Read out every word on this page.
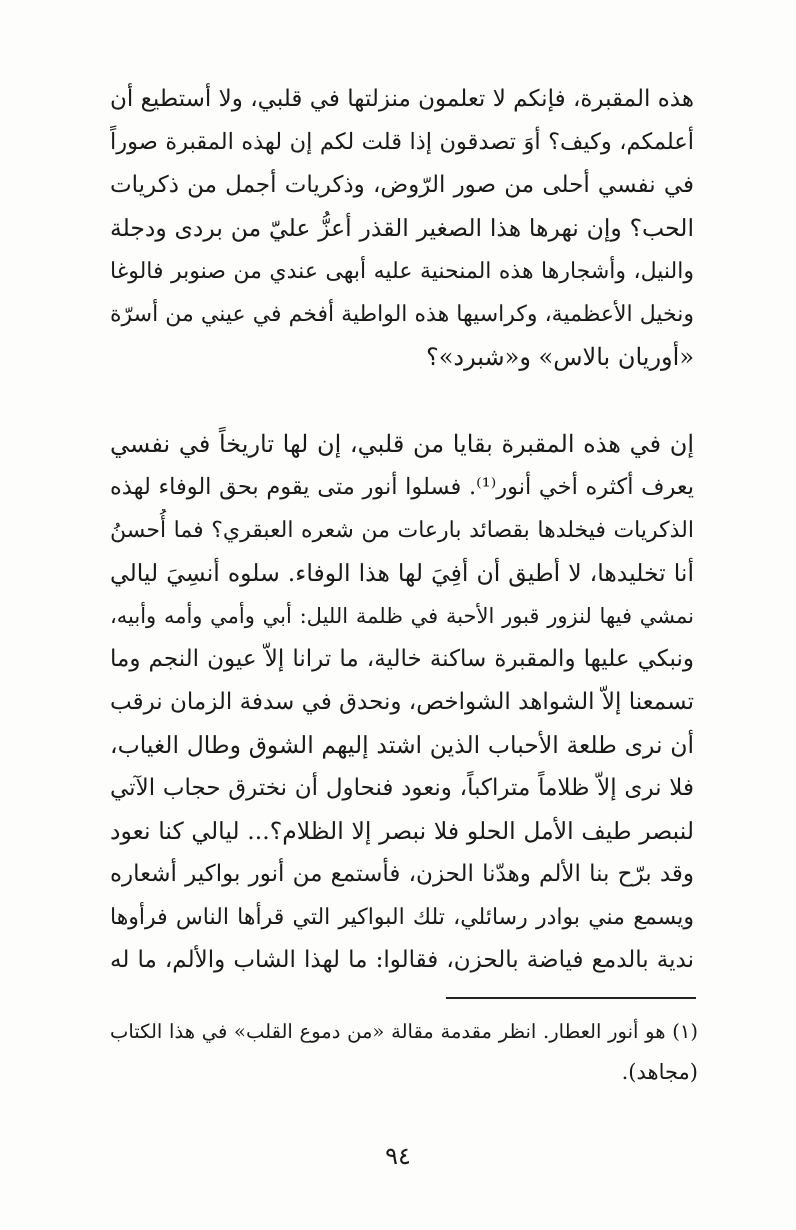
هذه المقبرة، فإنكم لا تعلمون منزلتها في قلبي، ولا أستطيع أن
أعلمكم، وكيف؟ أوَ تصدقون إذا قلت لكم إن لهذه المقبرة صوراً
في نفسي أحلى من صور الرّوض، وذكريات أجمل من ذكريات
الحب؟ وإن نهرها هذا الصغير القذر أعزُّ عليّ من بردى ودجلة
والنيل، وأشجارها هذه المنحنية عليه أبهى عندي من صنوبر فالوغا
ونخيل الأعظمية، وكراسيها هذه الواطية أفخم في عيني من أسرّة
«أوريان بالاس» و«شبرد»؟
إن في هذه المقبرة بقايا من قلبي، إن لها تاريخاً في نفسي
يعرف أكثره أخي أنور⁽¹⁾. فسلوا أنور متى يقوم بحق الوفاء لهذه
الذكريات فيخلدها بقصائد بارعات من شعره العبقري؟ فما أُحسنُ
أنا تخليدها، لا أطيق أن أفِيَ لها هذا الوفاء. سلوه أنسِيَ ليالي
نمشي فيها لنزور قبور الأحبة في ظلمة الليل: أبي وأمي وأمه وأبيه،
ونبكي عليها والمقبرة ساكنة خالية، ما ترانا إلاّ عيون النجم وما
تسمعنا إلاّ الشواهد الشواخص، ونحدق في سدفة الزمان نرقب
أن نرى طلعة الأحباب الذين اشتد إليهم الشوق وطال الغياب،
فلا نرى إلاّ ظلاماً متراكباً، ونعود فنحاول أن نخترق حجاب الآتي
لنبصر طيف الأمل الحلو فلا نبصر إلا الظلام؟... ليالي كنا نعود
وقد برّح بنا الألم وهدّنا الحزن، فأستمع من أنور بواكير أشعاره
ويسمع مني بوادر رسائلي، تلك البواكير التي قرأها الناس فرأوها
ندية بالدمع فياضة بالحزن، فقالوا: ما لهذا الشاب والألم، ما له
(١) هو أنور العطار. انظر مقدمة مقالة «من دموع القلب» في هذا الكتاب
(مجاهد).
٩٤
